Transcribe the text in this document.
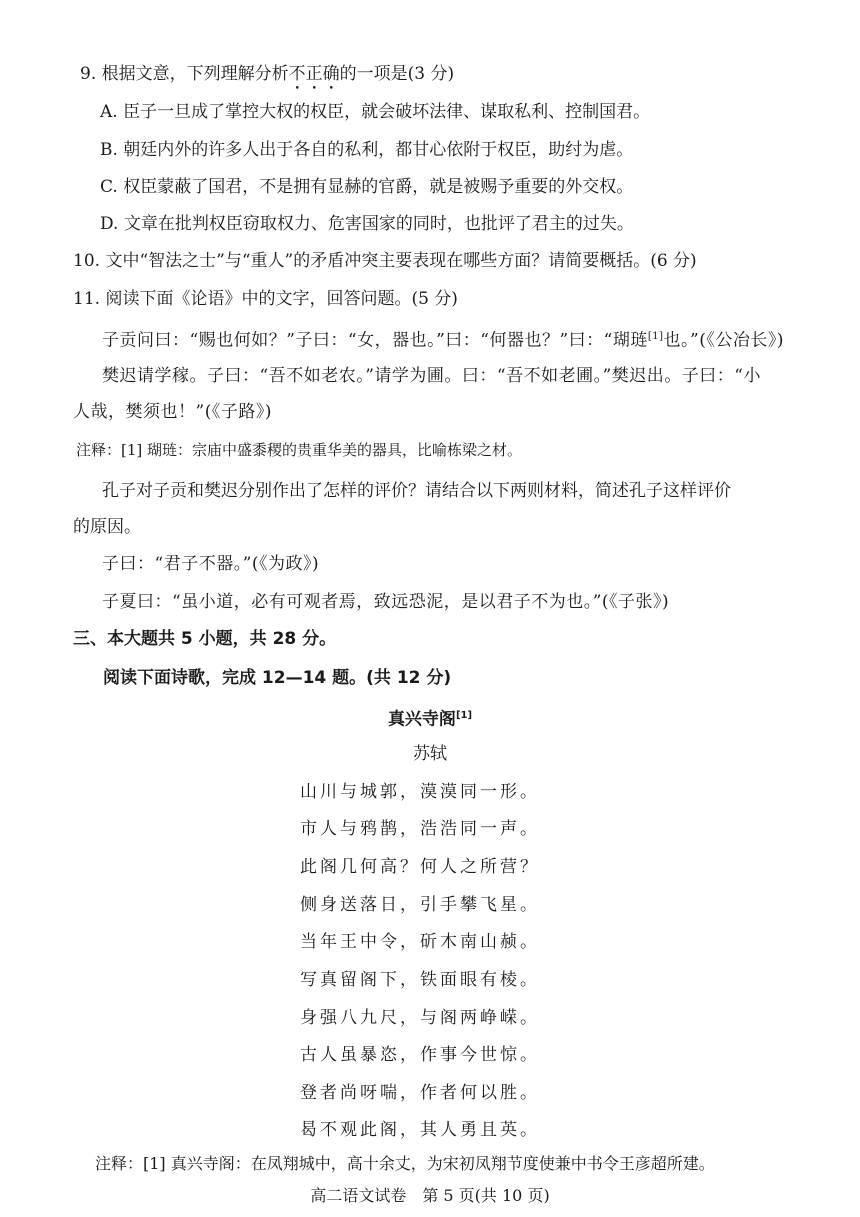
9. 根据文意，下列理解分析不正确的一项是(3 分)
A. 臣子一旦成了掌控大权的权臣，就会破坏法律、谋取私利、控制国君。
B. 朝廷内外的许多人出于各自的私利，都甘心依附于权臣，助纣为虐。
C. 权臣蒙蔽了国君，不是拥有显赫的官爵，就是被赐予重要的外交权。
D. 文章在批判权臣窃取权力、危害国家的同时，也批评了君主的过失。
10. 文中“智法之士”与“重人”的矛盾冲突主要表现在哪些方面？请简要概括。(6 分)
11. 阅读下面《论语》中的文字，回答问题。(5 分)
子贡问曰：“赐也何如？”子曰：“女，器也。”曰：“何器也？”曰：“瑚琏[1]也。”(《公冶长》)
樊迟请学稼。子曰：“吾不如老农。”请学为圃。曰：“吾不如老圃。”樊迟出。子曰：“小
人哉，樊须也！”(《子路》)
注释：[1] 瑚琏：宗庙中盛黍稷的贵重华美的器具，比喻栋梁之材。
孔子对子贡和樊迟分别作出了怎样的评价？请结合以下两则材料，简述孔子这样评价
的原因。
子曰：“君子不器。”(《为政》)
子夏曰：“虽小道，必有可观者焉，致远恐泥，是以君子不为也。”(《子张》)
三、本大题共 5 小题，共 28 分。
阅读下面诗歌，完成 12—14 题。(共 12 分)
真兴寺阁[1]
苏轼
山川与城郭，漠漠同一形。
市人与鸦鹊，浩浩同一声。
此阁几何高？何人之所营？
侧身送落日，引手攀飞星。
当年王中令，斫木南山赪。
写真留阁下，铁面眼有棱。
身强八九尺，与阁两峥嵘。
古人虽暴恣，作事今世惊。
登者尚呀喘，作者何以胜。
曷不观此阁，其人勇且英。
注释：[1] 真兴寺阁：在凤翔城中，高十余丈，为宋初凤翔节度使兼中书令王彦超所建。
高二语文试卷　第 5 页(共 10 页)
